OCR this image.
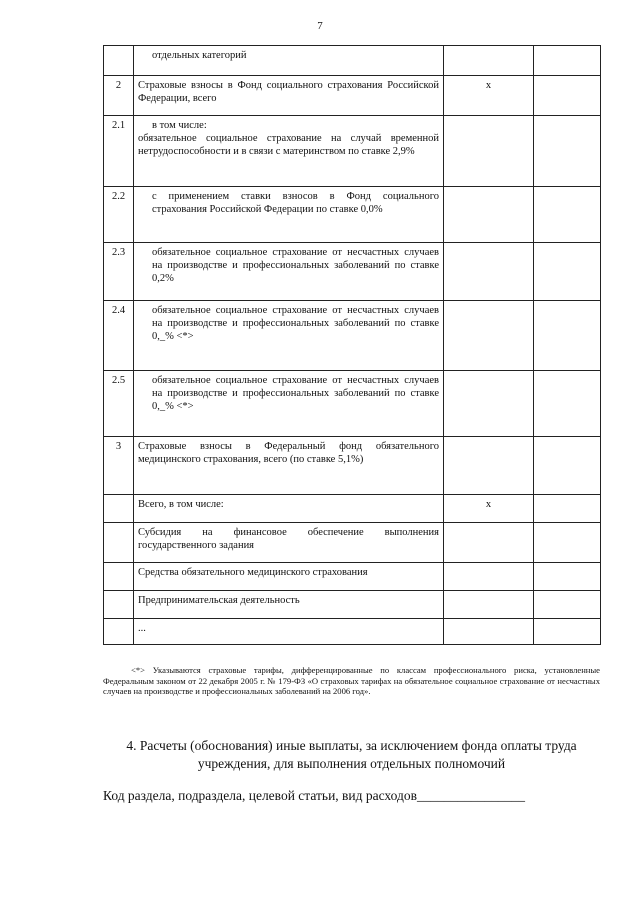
7

	отдельных категорий		

2	Страховые взносы в Фонд социального страхования Российской Федерации, всего	x	
2.1	в том числе:
обязательное социальное страхование на случай временной нетрудоспособности и в связи с материнством по ставке 2,9%		

2.2	с применением ставки взносов в Фонд социального страхования Российской Федерации по ставке 0,0%		

2.3	обязательное социальное страхование от несчастных случаев на производстве и профессиональных заболеваний по ставке 0,2%		

2.4	обязательное социальное страхование от несчастных случаев на производстве и профессиональных заболеваний по ставке 0,_% <*>		

2.5	обязательное социальное страхование от несчастных случаев на производстве и профессиональных заболеваний по ставке 0,_% <*>		

3	Страховые взносы в Федеральный фонд обязательного медицинского страхования, всего (по ставке 5,1%)		

	Всего, в том числе:	x	

	Субсидия на финансовое обеспечение выполнения государственного задания		

	Средства обязательного медицинского страхования		

	Предпринимательская деятельность		

	...		

<*> Указываются страховые тарифы, дифференцированные по классам профессионального риска, установленные Федеральным законом от 22 декабря 2005 г. № 179-ФЗ «О страховых тарифах на обязательное социальное страхование от несчастных случаев на производстве и профессиональных заболеваний на 2006 год».
4. Расчеты (обоснования) иные выплаты, за исключением фонда оплаты труда учреждения, для выполнения отдельных полномочий
Код раздела, подраздела, целевой статьи, вид расходов________________
